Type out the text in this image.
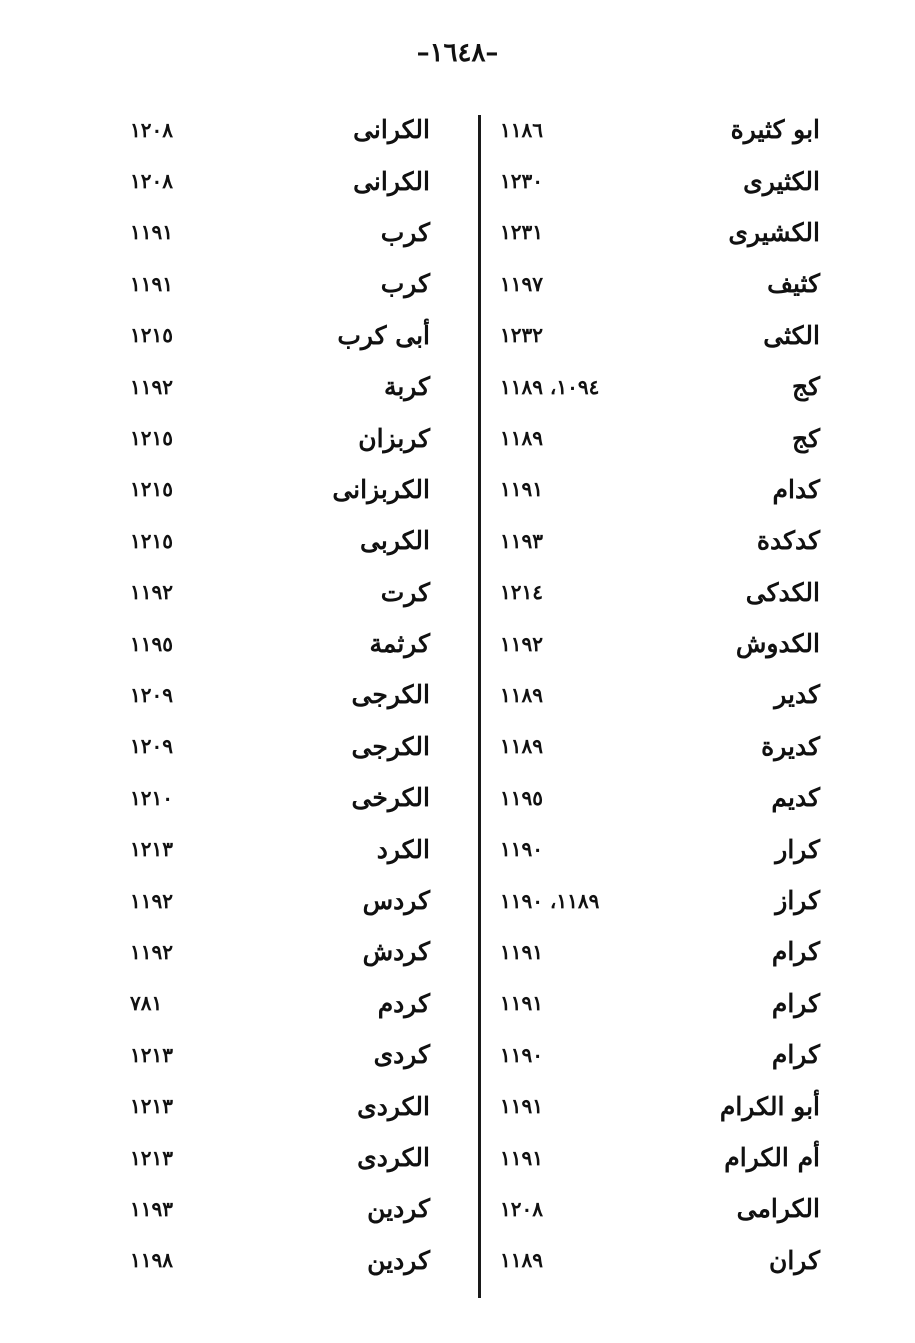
–١٦٤٨–
ابو كثيرة
١١٨٦
الكثيرى
١٢٣٠
الكشيرى
١٢٣١
كثيف
١١٩٧
الكثى
١٢٣٢
كج
١٠٩٤، ١١٨٩
كج
١١٨٩
كدام
١١٩١
كدكدة
١١٩٣
الكدكى
١٢١٤
الكدوش
١١٩٢
كدير
١١٨٩
كديرة
١١٨٩
كديم
١١٩٥
كرار
١١٩٠
كراز
١١٨٩، ١١٩٠
كرام
١١٩١
كرام
١١٩١
كرام
١١٩٠
أبو الكرام
١١٩١
أم الكرام
١١٩١
الكرامى
١٢٠٨
كران
١١٨٩
الكرانى
١٢٠٨
الكرانى
١٢٠٨
كرب
١١٩١
كرب
١١٩١
أبى كرب
١٢١٥
كربة
١١٩٢
كربزان
١٢١٥
الكربزانى
١٢١٥
الكربى
١٢١٥
كرت
١١٩٢
كرثمة
١١٩٥
الكرجى
١٢٠٩
الكرجى
١٢٠٩
الكرخى
١٢١٠
الكرد
١٢١٣
كردس
١١٩٢
كردش
١١٩٢
كردم
٧٨١
كردى
١٢١٣
الكردى
١٢١٣
الكردى
١٢١٣
كردين
١١٩٣
كردين
١١٩٨
